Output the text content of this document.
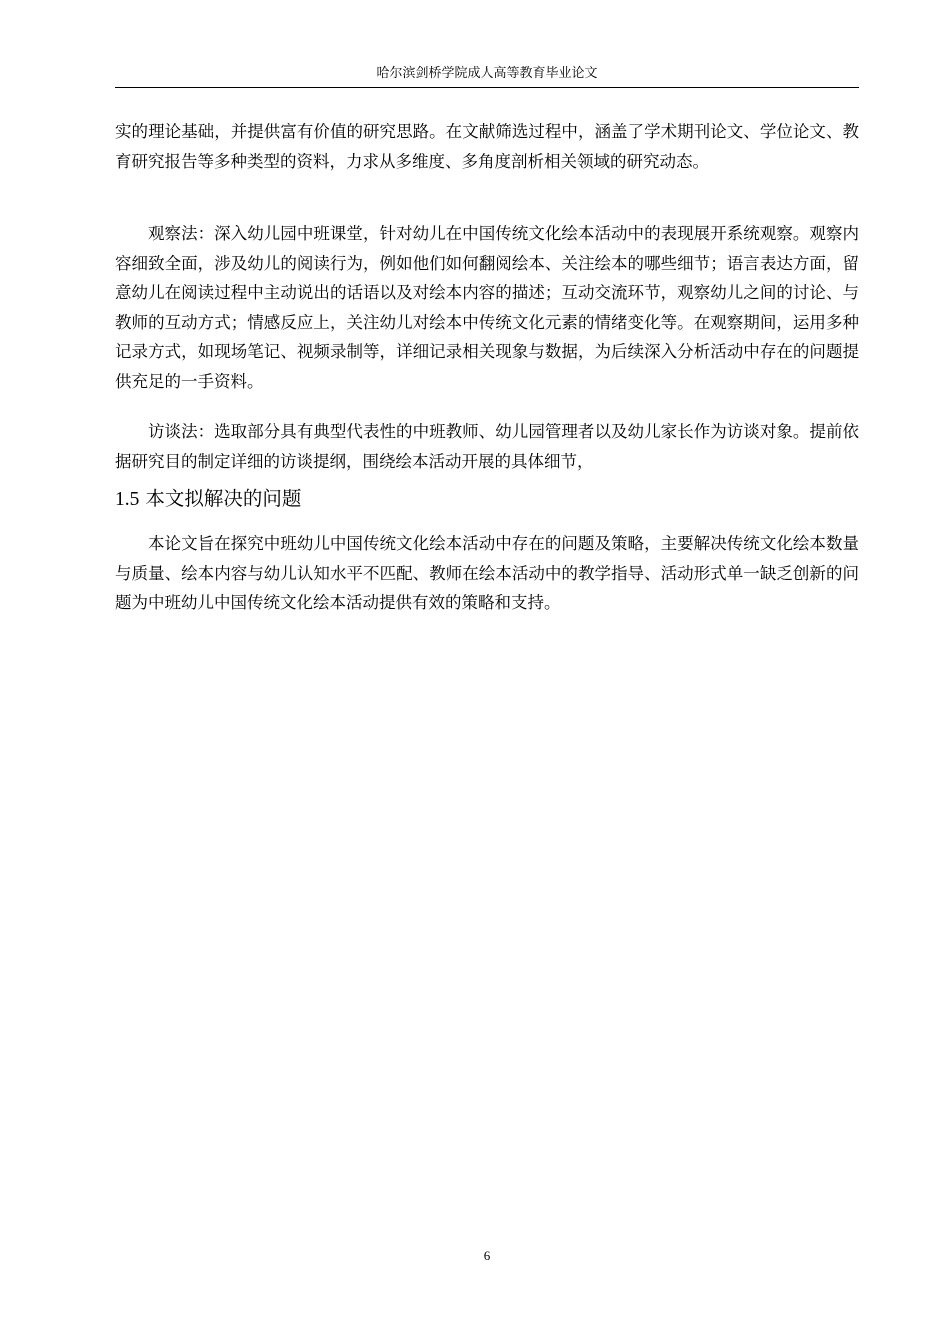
哈尔滨剑桥学院成人高等教育毕业论文

实的理论基础，并提供富有价值的研究思路。在文献筛选过程中，涵盖了学术期刊论文、学位论文、教育研究报告等多种类型的资料，力求从多维度、多角度剖析相关领域的研究动态。

观察法：深入幼儿园中班课堂，针对幼儿在中国传统文化绘本活动中的表现展开系统观察。观察内容细致全面，涉及幼儿的阅读行为，例如他们如何翻阅绘本、关注绘本的哪些细节；语言表达方面，留意幼儿在阅读过程中主动说出的话语以及对绘本内容的描述；互动交流环节，观察幼儿之间的讨论、与教师的互动方式；情感反应上，关注幼儿对绘本中传统文化元素的情绪变化等。在观察期间，运用多种记录方式，如现场笔记、视频录制等，详细记录相关现象与数据，为后续深入分析活动中存在的问题提供充足的一手资料。

访谈法：选取部分具有典型代表性的中班教师、幼儿园管理者以及幼儿家长作为访谈对象。提前依据研究目的制定详细的访谈提纲，围绕绘本活动开展的具体细节，

1.5 本文拟解决的问题

本论文旨在探究中班幼儿中国传统文化绘本活动中存在的问题及策略，主要解决传统文化绘本数量与质量、绘本内容与幼儿认知水平不匹配、教师在绘本活动中的教学指导、活动形式单一缺乏创新的问题为中班幼儿中国传统文化绘本活动提供有效的策略和支持。

6
